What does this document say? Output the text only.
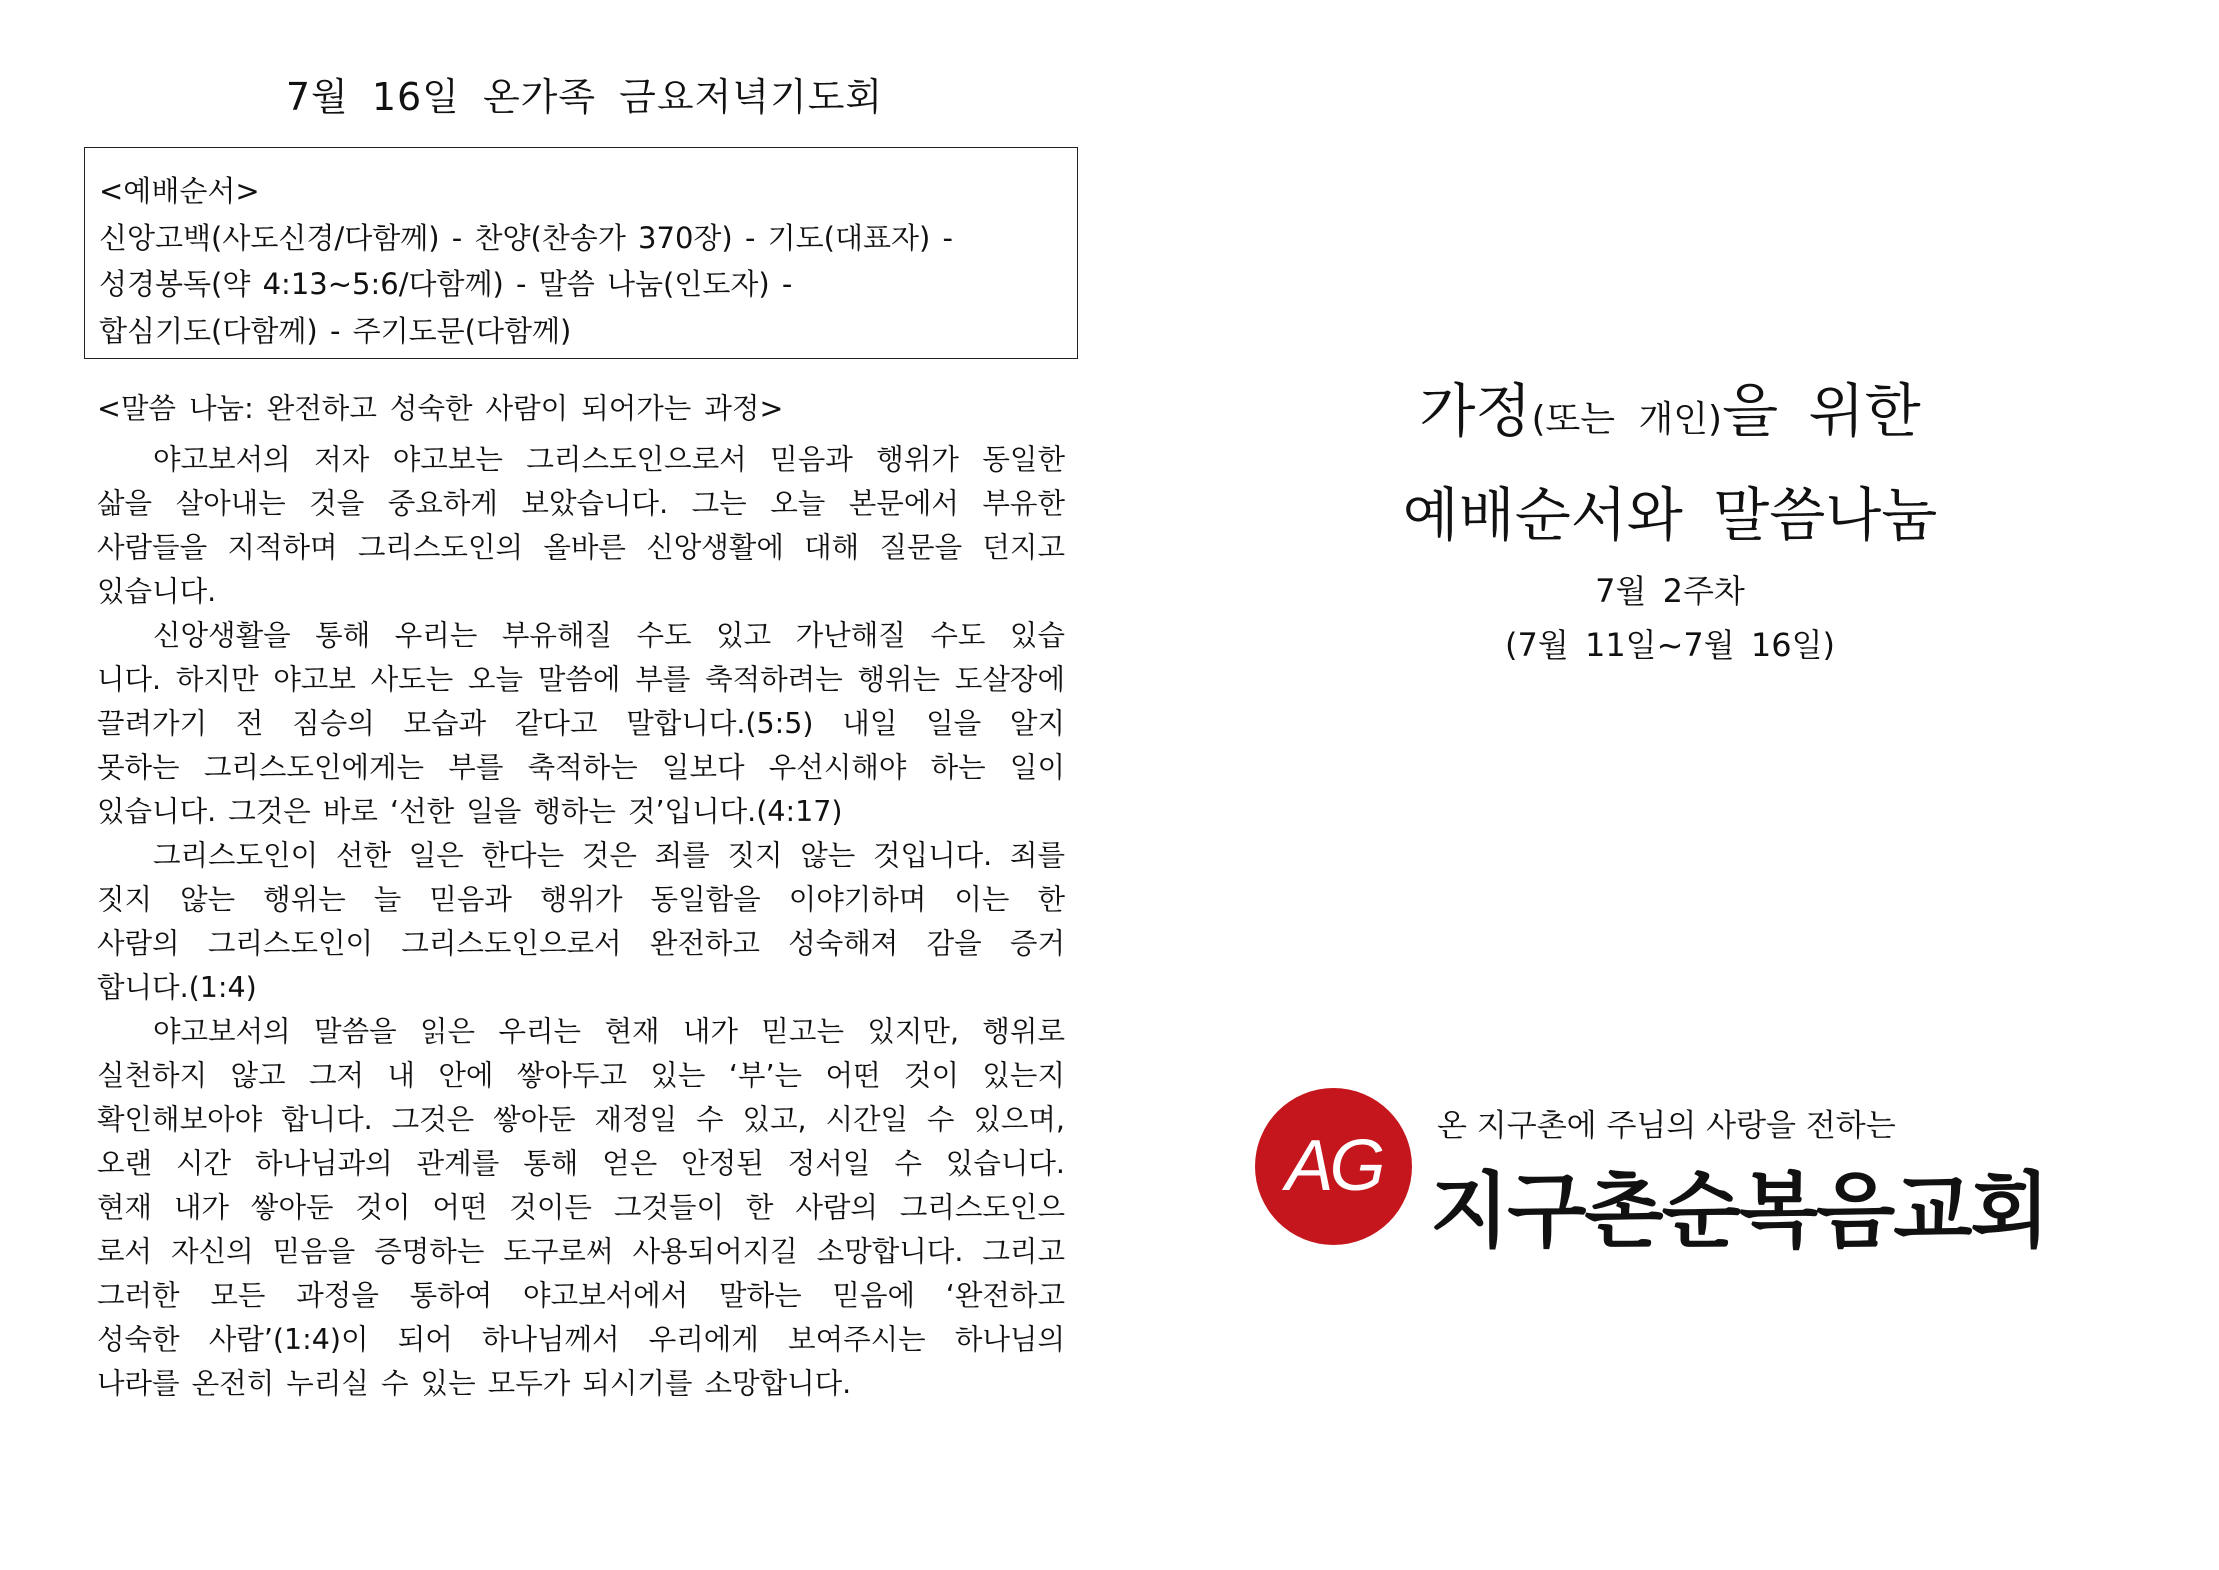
7월 16일 온가족 금요저녁기도회
<예배순서>
신앙고백(사도신경/다함께) - 찬양(찬송가 370장) - 기도(대표자) -
성경봉독(약 4:13~5:6/다함께) - 말씀 나눔(인도자) -
합심기도(다함께) - 주기도문(다함께)
<말씀 나눔: 완전하고 성숙한 사람이 되어가는 과정>
야고보서의 저자 야고보는 그리스도인으로서 믿음과 행위가 동일한
삶을 살아내는 것을 중요하게 보았습니다. 그는 오늘 본문에서 부유한
사람들을 지적하며 그리스도인의 올바른 신앙생활에 대해 질문을 던지고
있습니다.
신앙생활을 통해 우리는 부유해질 수도 있고 가난해질 수도 있습
니다. 하지만 야고보 사도는 오늘 말씀에 부를 축적하려는 행위는 도살장에
끌려가기 전 짐승의 모습과 같다고 말합니다.(5:5) 내일 일을 알지
못하는 그리스도인에게는 부를 축적하는 일보다 우선시해야 하는 일이
있습니다. 그것은 바로 ‘선한 일을 행하는 것’입니다.(4:17)
그리스도인이 선한 일은 한다는 것은 죄를 짓지 않는 것입니다. 죄를
짓지 않는 행위는 늘 믿음과 행위가 동일함을 이야기하며 이는 한
사람의 그리스도인이 그리스도인으로서 완전하고 성숙해져 감을 증거
합니다.(1:4)
야고보서의 말씀을 읽은 우리는 현재 내가 믿고는 있지만, 행위로
실천하지 않고 그저 내 안에 쌓아두고 있는 ‘부’는 어떤 것이 있는지
확인해보아야 합니다. 그것은 쌓아둔 재정일 수 있고, 시간일 수 있으며,
오랜 시간 하나님과의 관계를 통해 얻은 안정된 정서일 수 있습니다.
현재 내가 쌓아둔 것이 어떤 것이든 그것들이 한 사람의 그리스도인으
로서 자신의 믿음을 증명하는 도구로써 사용되어지길 소망합니다. 그리고
그러한 모든 과정을 통하여 야고보서에서 말하는 믿음에 ‘완전하고
성숙한 사람’(1:4)이 되어 하나님께서 우리에게 보여주시는 하나님의
나라를 온전히 누리실 수 있는 모두가 되시기를 소망합니다.
가정(또는 개인)을 위한
예배순서와 말씀나눔
7월 2주차
(7월 11일~7월 16일)
AG	온 지구촌에 주님의 사랑을 전하는
지구촌순복음교회
